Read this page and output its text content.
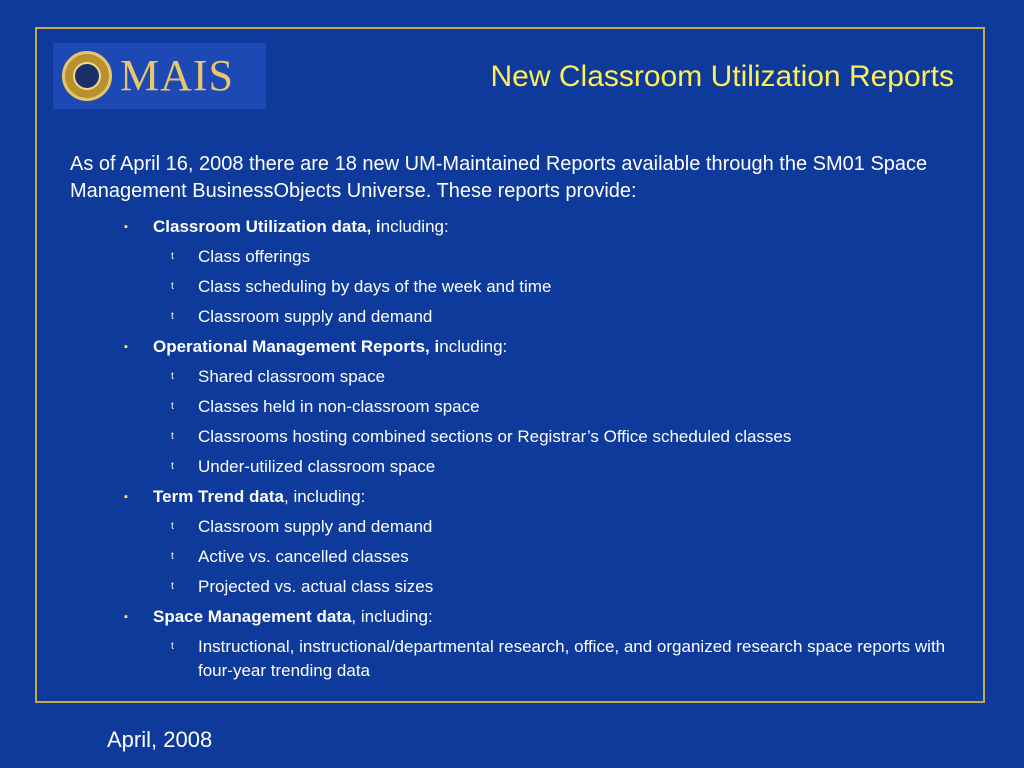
MAIS	New Classroom Utilization Reports

As of April 16, 2008 there are 18 new UM-Maintained Reports available through the SM01 Space Management BusinessObjects Universe. These reports provide:

▪ Classroom Utilization data, including:
t Class offerings
t Class scheduling by days of the week and time
t Classroom supply and demand
▪ Operational Management Reports, including:
t Shared classroom space
t Classes held in non-classroom space
t Classrooms hosting combined sections or Registrar’s Office scheduled classes
t Under-utilized classroom space
▪ Term Trend data, including:
t Classroom supply and demand
t Active vs. cancelled classes
t Projected vs. actual class sizes
▪ Space Management data, including:
t Instructional, instructional/departmental research, office, and organized research space reports with four-year trending data

April, 2008
